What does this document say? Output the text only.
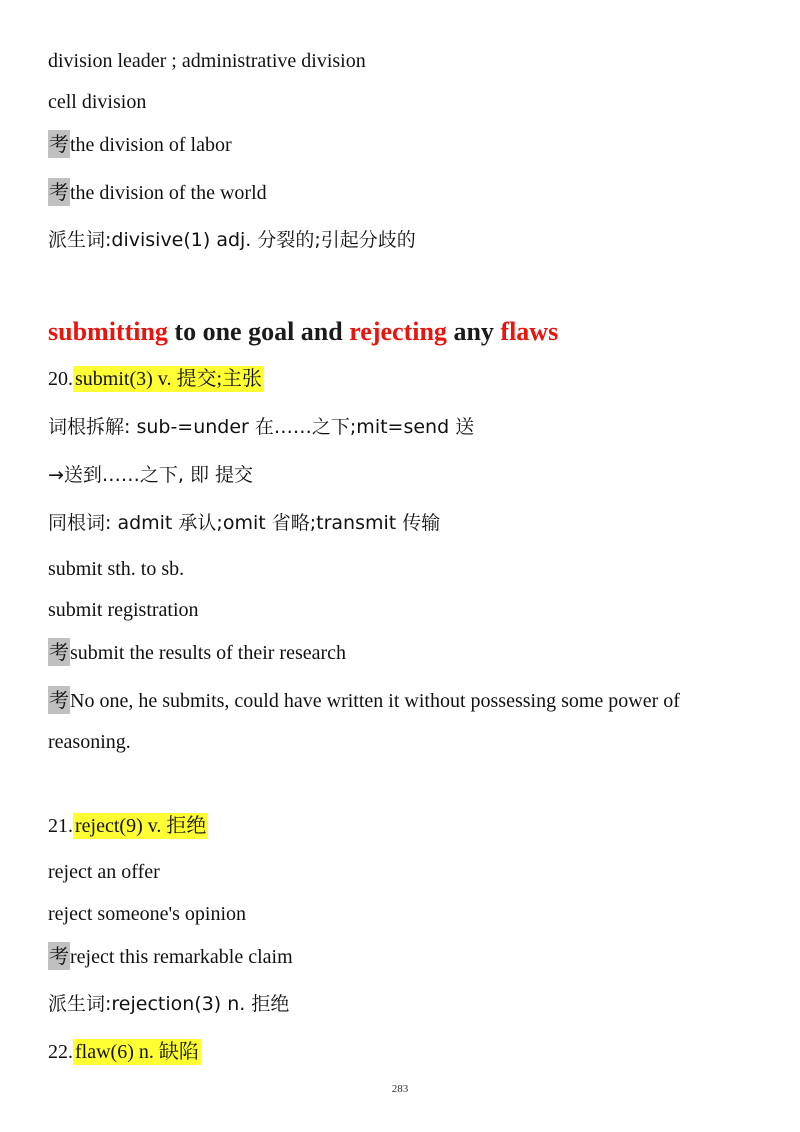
division leader ; administrative division
cell division
考the division of labor
考the division of the world
派生词:divisive(1) adj. 分裂的;引起分歧的
submitting to one goal and rejecting any flaws
20. submit(3) v. 提交;主张
词根拆解: sub-=under 在……之下;mit=send 送
→送到……之下, 即 提交
同根词: admit 承认;omit 省略;transmit 传输
submit sth. to sb.
submit registration
考submit the results of their research
考No one, he submits, could have written it without possessing some power of
reasoning.
21. reject(9) v. 拒绝
reject an offer
reject someone's opinion
考reject this remarkable claim
派生词:rejection(3) n. 拒绝
22. flaw(6) n. 缺陷
283
